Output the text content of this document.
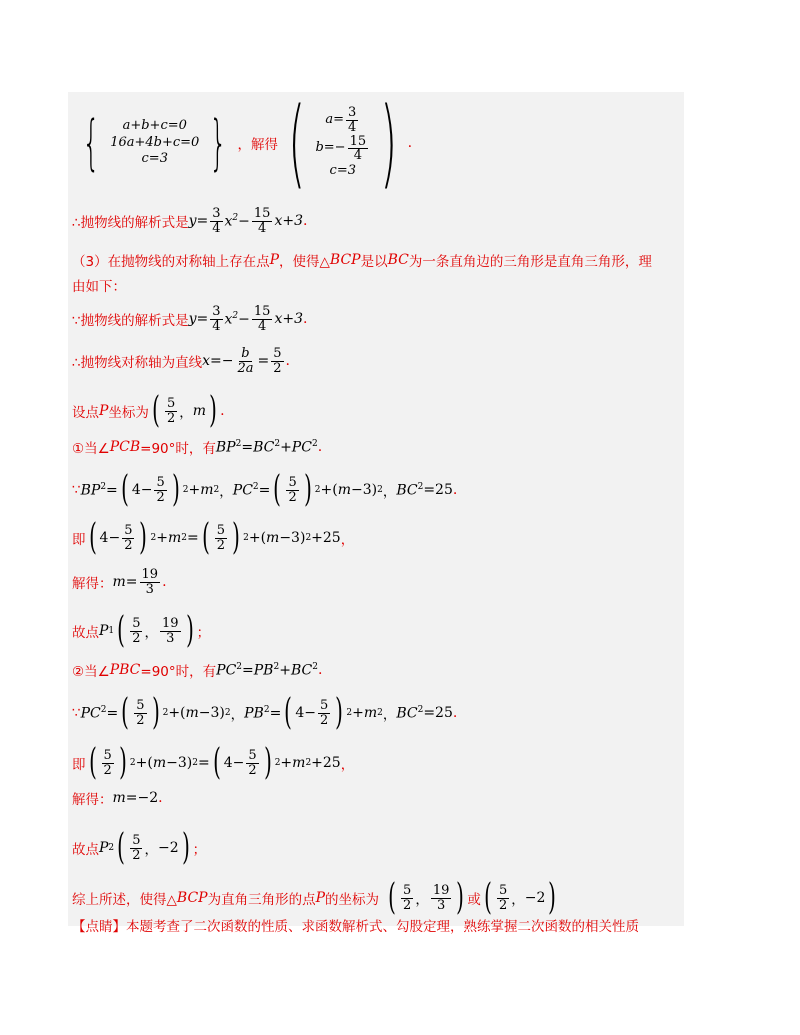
{ a+b+c=0
16a+4b+c=0
c=3 } ，解得 ( $a= \frac{3}{4}$
$b=- \frac{15}{4}$
c=3 ) .
∴抛物线的解析式是 $y= \frac{3}{4} x^2- \frac{15}{4} x+3$ .
（3）在抛物线的对称轴上存在点 P ，使得△ BCP 是以 BC 为一条直角边的三角形是直角三角形，理
由如下：
∵抛物线的解析式是 $y= \frac{3}{4} x^2- \frac{15}{4} x+3$ .
∴抛物线对称轴为直线 $x=- \frac{b}{2a} = \frac{5}{2}$ .
设点 P 坐标为 ( $\frac{5}{2}$ ， m ) .
①当∠ PCB =90°时，有 $BP^2=BC^2+PC^2$ .
∵ $BP^2=$ ( $4- \frac{5}{2}$ ) 2 + m 2 ， $PC^2=$ ( $\frac{5}{2}$ ) 2 +( m −3) 2 ， $BC^2 =25$ .
即 ( $4- \frac{5}{2}$ ) 2 + m 2 = ( $\frac{5}{2}$ ) 2 +( m −3) 2 +25 ，
解得： $m = \frac{19}{3}$ .
故点 P 1 ( $\frac{5}{2}$ ， $\frac{19}{3}$ ) ；
②当∠ PBC =90°时，有 $PC^2=PB^2+BC^2$ .
∵ $PC^2=$ ( $\frac{5}{2}$ ) 2 +( m −3) 2 ， $PB^2=$ ( $4- \frac{5}{2}$ ) 2 + m 2 ， $BC^2 =25$ .
即 ( $\frac{5}{2}$ ) 2 +( m −3) 2 = ( $4- \frac{5}{2}$ ) 2 + m 2 +25 ，
解得： m=−2 .
故点 P 2 ( $\frac{5}{2}$ ， −2 ) ；
综上所述，使得△ BCP 为直角三角形的点 P 的坐标为 ( $\frac{5}{2}$ ， $\frac{19}{3}$ ) 或 ( $\frac{5}{2}$ ， −2 )
【点睛】本题考查了二次函数的性质、求函数解析式、勾股定理，熟练掌握二次函数的相关性质
